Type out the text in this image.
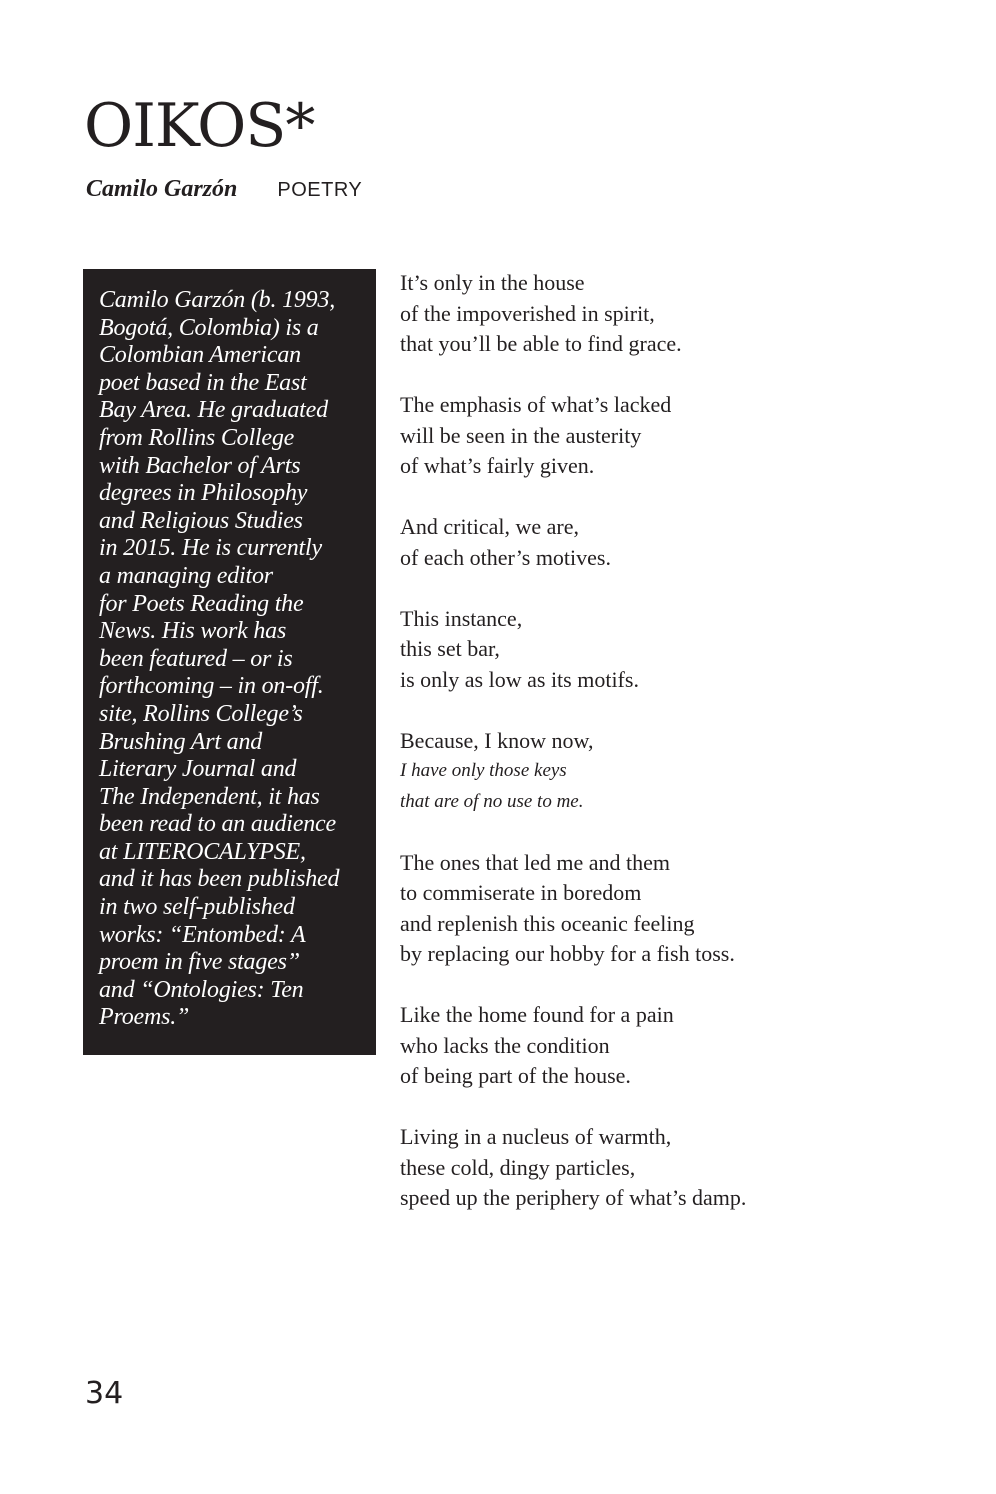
OIKOS*
Camilo Garzón POETRY

Camilo Garzón (b. 1993,
Bogotá, Colombia) is a
Colombian American
poet based in the East
Bay Area. He graduated
from Rollins College
with Bachelor of Arts
degrees in Philosophy
and Religious Studies
in 2015. He is currently
a managing editor
for Poets Reading the
News. His work has
been featured – or is
forthcoming – in on-off.
site, Rollins College’s
Brushing Art and
Literary Journal and
The Independent, it has
been read to an audience
at LITEROCALYPSE,
and it has been published
in two self-published
works: “Entombed: A
proem in five stages”
and “Ontologies: Ten
Proems.”

It’s only in the house
of the impoverished in spirit,
that you’ll be able to find grace.
The emphasis of what’s lacked
will be seen in the austerity
of what’s fairly given.
And critical, we are,
of each other’s motives.
This instance,
this set bar,
is only as low as its motifs.
Because, I know now,
I have only those keys
that are of no use to me.
The ones that led me and them
to commiserate in boredom
and replenish this oceanic feeling
by replacing our hobby for a fish toss.
Like the home found for a pain
who lacks the condition
of being part of the house.
Living in a nucleus of warmth,
these cold, dingy particles,
speed up the periphery of what’s damp.
34
